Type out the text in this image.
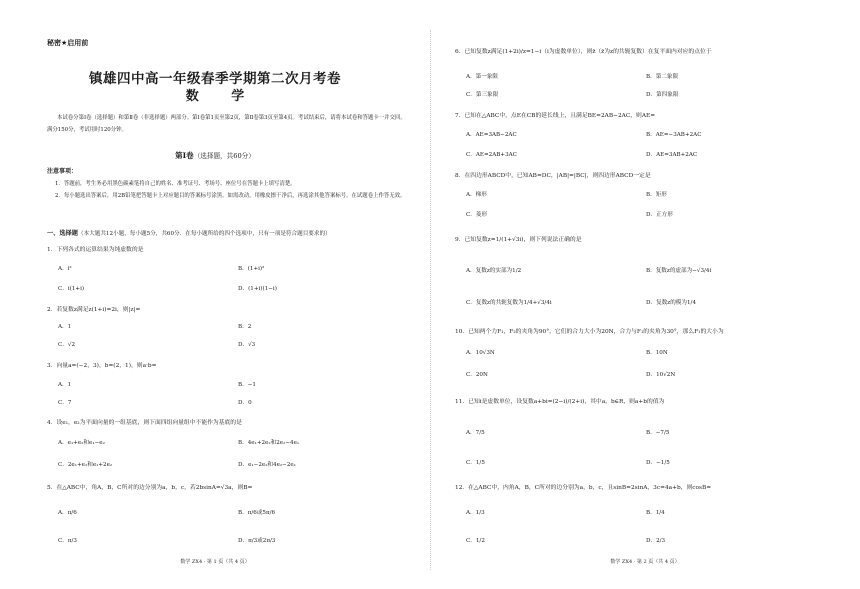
秘密★启用前
镇雄四中高一年级春季学期第二次月考卷
数 学
本试卷分第Ⅰ卷（选择题）和第Ⅱ卷（非选择题）两部分。第Ⅰ卷第1页至第2页，第Ⅱ卷第3页至第4页。考试结束后，请将本试卷和答题卡一并交回。满分150分，考试用时120分钟。
第Ⅰ卷（选择题，共60分）
注意事项：
1．答题前，考生务必用黑色碳素笔将自己的姓名、准考证号、考场号、座位号在答题卡上填写清楚。
2．每小题选出答案后，用2B铅笔把答题卡上对应题目的答案标号涂黑。如需改动，用橡皮擦干净后，再选涂其他答案标号。在试题卷上作答无效。
一、选择题（本大题共12小题，每小题5分，共60分．在每小题所给的四个选项中，只有一项是符合题目要求的）
1．下列各式的运算结果为纯虚数的是
A．i²	B．(1+i)²
C．i(1+i)	D．(1+i)(1−i)
2．若复数z满足z(1+i)=2i，则|z|=
A．1	B．2
C．√2	D．√3
3．向量a=(−2，3)，b=(2，1)，则a·b=
A．1	B．−1
C．7	D．0
4．设e₁，e₂为平面向量的一组基底，则下面四组向量组中不能作为基底的是
A．e₁+e₂和e₁−e₂	B．4e₁+2e₂和2e₂−4e₁
C．2e₁+e₂和e₁+2e₂	D．e₁−2e₂和4e₂−2e₁
5．在△ABC中，角A，B，C所对的边分别为a，b，c，若2bsinA=√3a，则B=
A．π/6	B．π/6或5π/6
C．π/3	D．π/3或2π/3
数学 ZX4 · 第 1 页（共 4 页）
6．已知复数z满足(1+2i)/z=1−i（i为虚数单位），则z̄（z̄为z的共轭复数）在复平面内对应的点位于
A．第一象限	B．第二象限
C．第三象限	D．第四象限
7．已知在△ABC中，点E在CB的延长线上，且满足BE=2AB−2AC，则AE=
A．AE=3AB−2AC	B．AE=−3AB+2AC
C．AE=2AB+3AC	D．AE=3AB+2AC
8．在四边形ABCD中，已知AB=DC，|AB|=|BC|，则四边形ABCD一定是
A．梯形	B．矩形
C．菱形	D．正方形
9．已知复数z=1/(1+√3i)，则下列说法正确的是
A．复数z的实部为1/2	B．复数z的虚部为−√3/4i
C．复数z的共轭复数为1/4+√3/4i	D．复数z的模为1/4
10．已知两个力F₁，F₂的夹角为90°，它们的合力大小为20N，合力与F₁的夹角为30°，那么F₁的大小为
A．10√3N	B．10N
C．20N	D．10√2N
11．已知i是虚数单位，设复数a+bi=(2−i)/(2+i)，其中a，b∈R，则a+b的值为
A．7/5	B．−7/5
C．1/5	D．−1/5
12．在△ABC中，内角A，B，C所对的边分别为a，b，c，且sinB=2sinA，3c=4a+b，则cosB=
A．1/3	B．1/4
C．1/2	D．2/3
数学 ZX4 · 第 2 页（共 4 页）
